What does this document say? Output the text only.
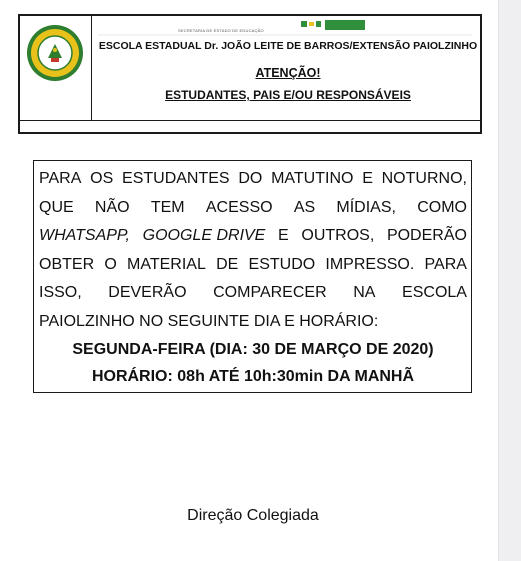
SECRETARIA DE ESTADO DE EDUCAÇÃO
ESCOLA ESTADUAL Dr. JOÃO LEITE DE BARROS/EXTENSÃO PAIOLZINHO
ATENÇÃO!
ESTUDANTES, PAIS E/OU RESPONSÁVEIS
PARA OS ESTUDANTES DO MATUTINO E NOTURNO,
QUE NÃO TEM ACESSO AS MÍDIAS, COMO
WHATSAPP, GOOGLE DRIVE E OUTROS, PODERÃO
OBTER O MATERIAL DE ESTUDO IMPRESSO. PARA
ISSO, DEVERÃO COMPARECER NA ESCOLA
PAIOLZINHO NO SEGUINTE DIA E HORÁRIO:
SEGUNDA-FEIRA (DIA: 30 DE MARÇO DE 2020)
HORÁRIO: 08h ATÉ 10h:30min DA MANHÃ
Direção Colegiada
